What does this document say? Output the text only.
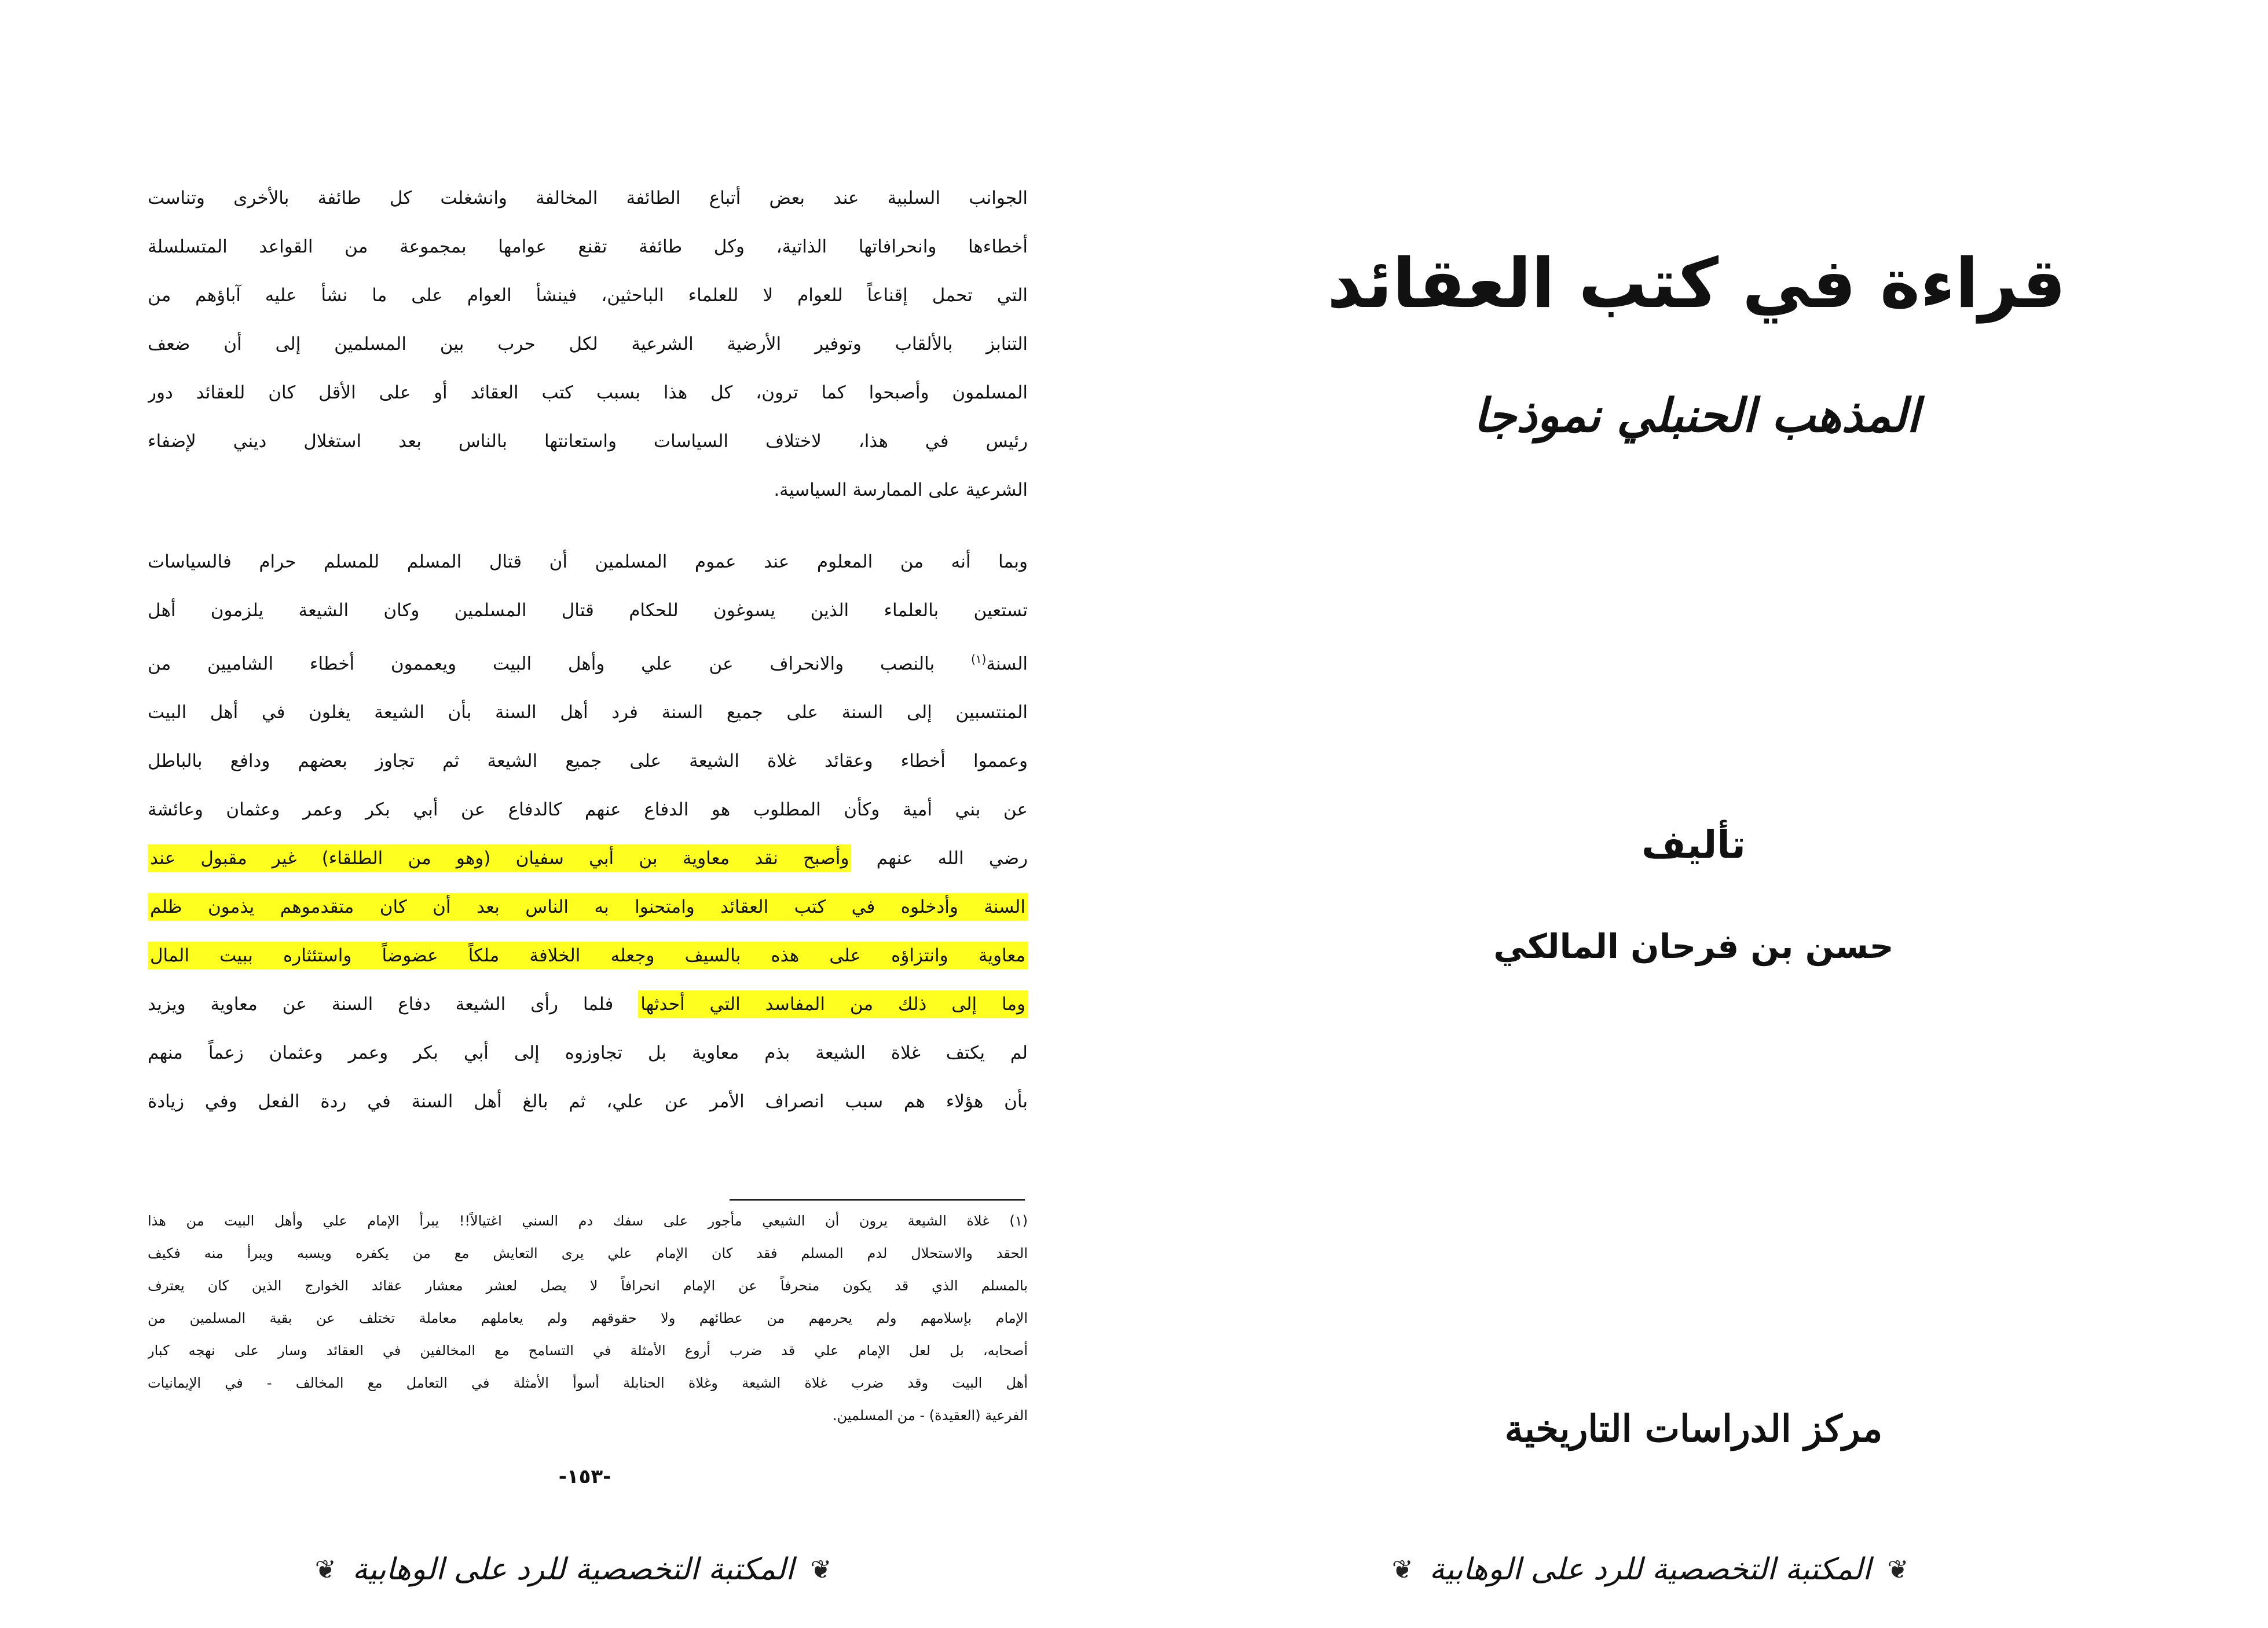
الجوانب السلبية عند بعض أتباع الطائفة المخالفة وانشغلت كل طائفة بالأخرى وتناست
أخطاءها وانحرافاتها الذاتية، وكل طائفة تقنع عوامها بمجموعة من القواعد المتسلسلة
التي تحمل إقناعاً للعوام لا للعلماء الباحثين، فينشأ العوام على ما نشأ عليه آباؤهم من
التنابز بالألقاب وتوفير الأرضية الشرعية لكل حرب بين المسلمين إلى أن ضعف
المسلمون وأصبحوا كما ترون، كل هذا بسبب كتب العقائد أو على الأقل كان للعقائد دور
رئيس في هذا، لاختلاف السياسات واستعانتها بالناس بعد استغلال ديني لإضفاء
الشرعية على الممارسة السياسية.
وبما أنه من المعلوم عند عموم المسلمين أن قتال المسلم للمسلم حرام فالسياسات
تستعين بالعلماء الذين يسوغون للحكام قتال المسلمين وكان الشيعة يلزمون أهل
السنة$^{(١)}$ بالنصب والانحراف عن علي وأهل البيت ويعممون أخطاء الشاميين من
المنتسبين إلى السنة على جميع السنة فرد أهل السنة بأن الشيعة يغلون في أهل البيت
وعمموا أخطاء وعقائد غلاة الشيعة على جميع الشيعة ثم تجاوز بعضهم ودافع بالباطل
عن بني أمية وكأن المطلوب هو الدفاع عنهم كالدفاع عن أبي بكر وعمر وعثمان وعائشة
رضي الله عنهم وأصبح نقد معاوية بن أبي سفيان (وهو من الطلقاء) غير مقبول عند
السنة وأدخلوه في كتب العقائد وامتحنوا به الناس بعد أن كان متقدموهم يذمون ظلم
معاوية وانتزاؤه على هذه بالسيف وجعله الخلافة ملكاً عضوضاً واستئثاره ببيت المال
وما إلى ذلك من المفاسد التي أحدثها فلما رأى الشيعة دفاع السنة عن معاوية ويزيد
لم يكتف غلاة الشيعة بذم معاوية بل تجاوزوه إلى أبي بكر وعمر وعثمان زعماً منهم
بأن هؤلاء هم سبب انصراف الأمر عن علي، ثم بالغ أهل السنة في ردة الفعل وفي زيادة
(١) غلاة الشيعة يرون أن الشيعي مأجور على سفك دم السني اغتيالاً!! يبرأ الإمام علي وأهل البيت من هذا
الحقد والاستحلال لدم المسلم فقد كان الإمام علي يرى التعايش مع من يكفره ويسبه ويبرأ منه فكيف
بالمسلم الذي قد يكون منحرفاً عن الإمام انحرافاً لا يصل لعشر معشار عقائد الخوارج الذين كان يعترف
الإمام بإسلامهم ولم يحرمهم من عطائهم ولا حقوقهم ولم يعاملهم معاملة تختلف عن بقية المسلمين من
أصحابه، بل لعل الإمام علي قد ضرب أروع الأمثلة في التسامح مع المخالفين في العقائد وسار على نهجه كبار
أهل البيت وقد ضرب غلاة الشيعة وغلاة الحنابلة أسوأ الأمثلة في التعامل مع المخالف - في الإيمانيات
الفرعية (العقيدة) - من المسلمين.
-١٥٣-
❦ المكتبة التخصصية للرد على الوهابية ❦
قراءة في كتب العقائد
المذهب الحنبلي نموذجا
تأليف
حسن بن فرحان المالكي
مركز الدراسات التاريخية
❦ المكتبة التخصصية للرد على الوهابية ❦
